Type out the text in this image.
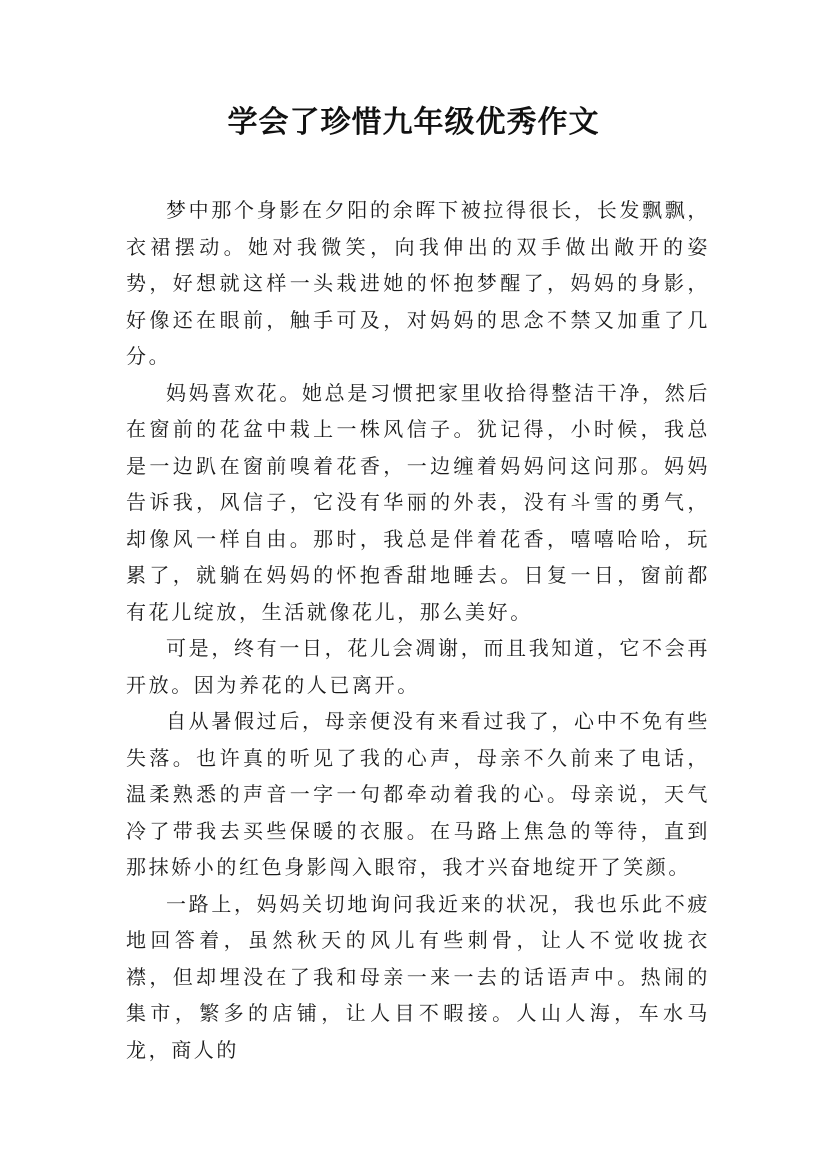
学会了珍惜九年级优秀作文

梦中那个身影在夕阳的余晖下被拉得很长，长发飘飘，衣裙摆动。她对我微笑，向我伸出的双手做出敞开的姿势，好想就这样一头栽进她的怀抱梦醒了，妈妈的身影，好像还在眼前，触手可及，对妈妈的思念不禁又加重了几分。

妈妈喜欢花。她总是习惯把家里收拾得整洁干净，然后在窗前的花盆中栽上一株风信子。犹记得，小时候，我总是一边趴在窗前嗅着花香，一边缠着妈妈问这问那。妈妈告诉我，风信子，它没有华丽的外表，没有斗雪的勇气，却像风一样自由。那时，我总是伴着花香，嘻嘻哈哈，玩累了，就躺在妈妈的怀抱香甜地睡去。日复一日，窗前都有花儿绽放，生活就像花儿，那么美好。

可是，终有一日，花儿会凋谢，而且我知道，它不会再开放。因为养花的人已离开。

自从暑假过后，母亲便没有来看过我了，心中不免有些失落。也许真的听见了我的心声，母亲不久前来了电话，温柔熟悉的声音一字一句都牵动着我的心。母亲说，天气冷了带我去买些保暖的衣服。在马路上焦急的等待，直到那抹娇小的红色身影闯入眼帘，我才兴奋地绽开了笑颜。

一路上，妈妈关切地询问我近来的状况，我也乐此不疲地回答着，虽然秋天的风儿有些刺骨，让人不觉收拢衣襟，但却埋没在了我和母亲一来一去的话语声中。热闹的集市，繁多的店铺，让人目不暇接。人山人海，车水马龙，商人的
